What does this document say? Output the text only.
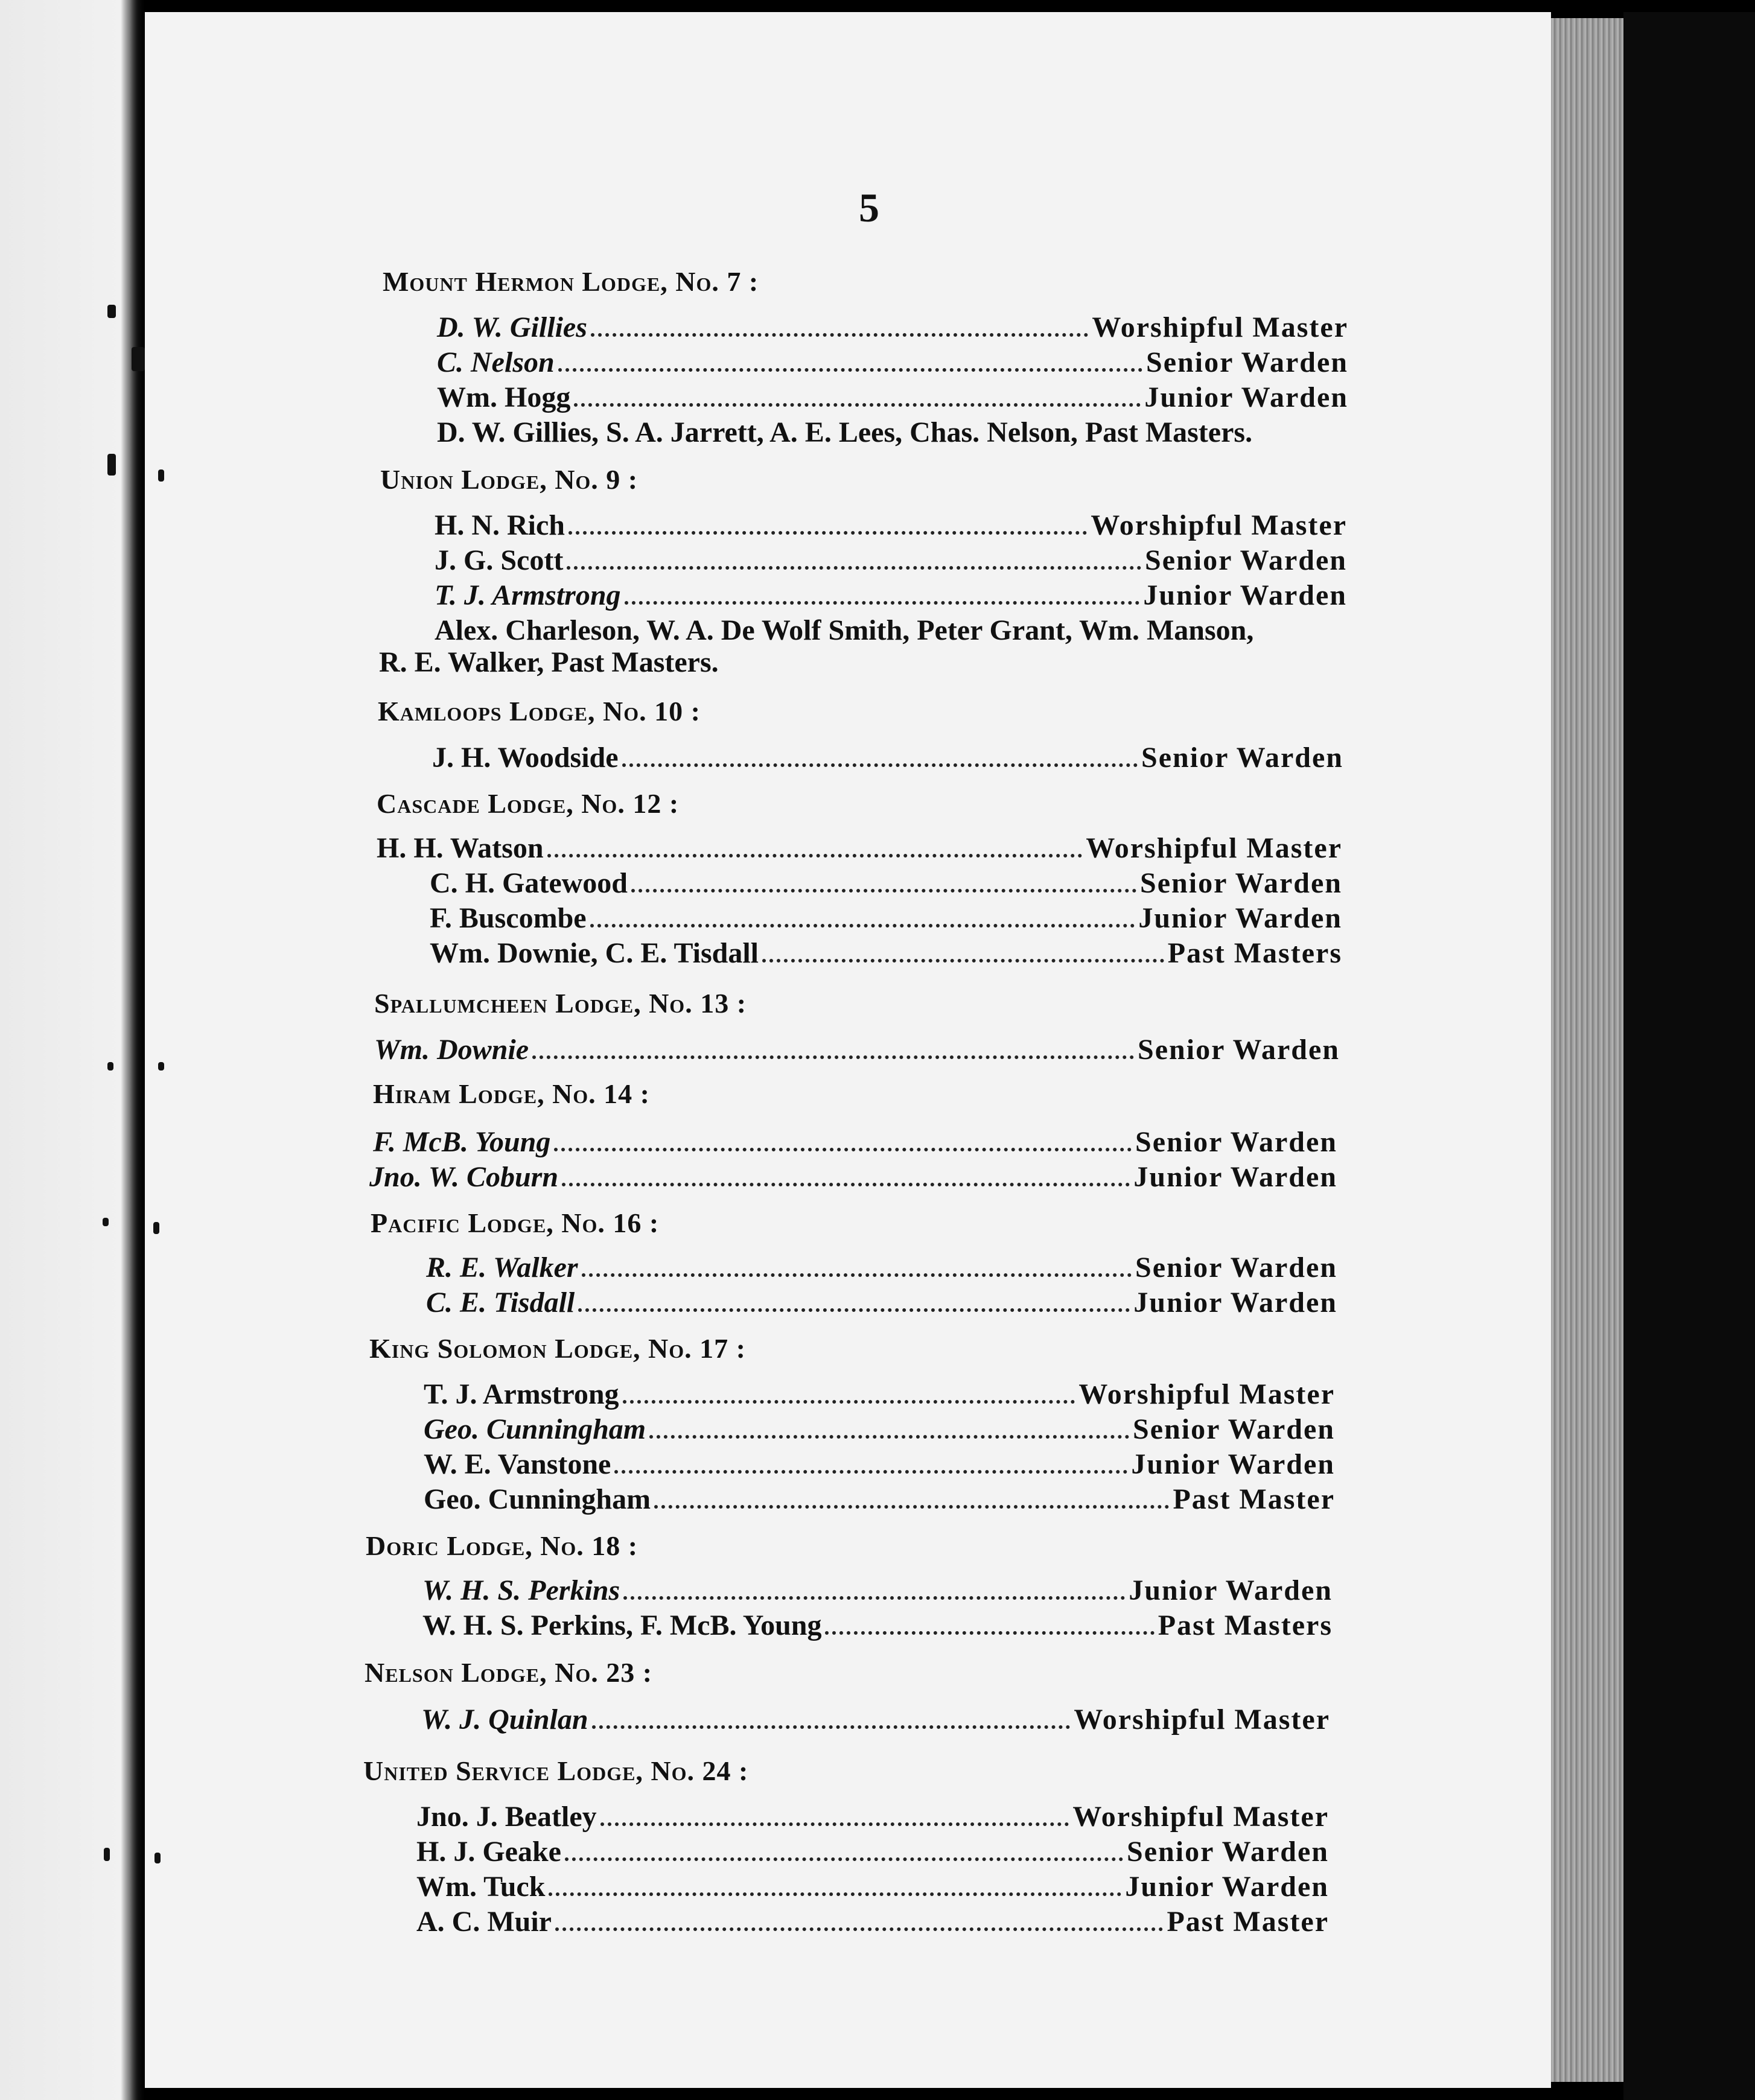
5
Mount Hermon Lodge, No. 7 :
D. W. Gillies	Worshipful Master
C. Nelson	Senior Warden
Wm. Hogg	Junior Warden
D. W. Gillies, S. A. Jarrett, A. E. Lees, Chas. Nelson, Past Masters.
Union Lodge, No. 9 :
H. N. Rich	Worshipful Master
J. G. Scott	Senior Warden
T. J. Armstrong	Junior Warden
Alex. Charleson, W. A. De Wolf Smith, Peter Grant, Wm. Manson,
R. E. Walker, Past Masters.
Kamloops Lodge, No. 10 :
J. H. Woodside	Senior Warden
Cascade Lodge, No. 12 :
H. H. Watson	Worshipful Master
C. H. Gatewood	Senior Warden
F. Buscombe	Junior Warden
Wm. Downie, C. E. Tisdall	Past Masters
Spallumcheen Lodge, No. 13 :
Wm. Downie	Senior Warden
Hiram Lodge, No. 14 :
F. McB. Young	Senior Warden
Jno. W. Coburn	Junior Warden
Pacific Lodge, No. 16 :
R. E. Walker	Senior Warden
C. E. Tisdall	Junior Warden
King Solomon Lodge, No. 17 :
T. J. Armstrong	Worshipful Master
Geo. Cunningham	Senior Warden
W. E. Vanstone	Junior Warden
Geo. Cunningham	Past Master
Doric Lodge, No. 18 :
W. H. S. Perkins	Junior Warden
W. H. S. Perkins, F. McB. Young	Past Masters
Nelson Lodge, No. 23 :
W. J. Quinlan	Worshipful Master
United Service Lodge, No. 24 :
Jno. J. Beatley	Worshipful Master
H. J. Geake	Senior Warden
Wm. Tuck	Junior Warden
A. C. Muir	Past Master
